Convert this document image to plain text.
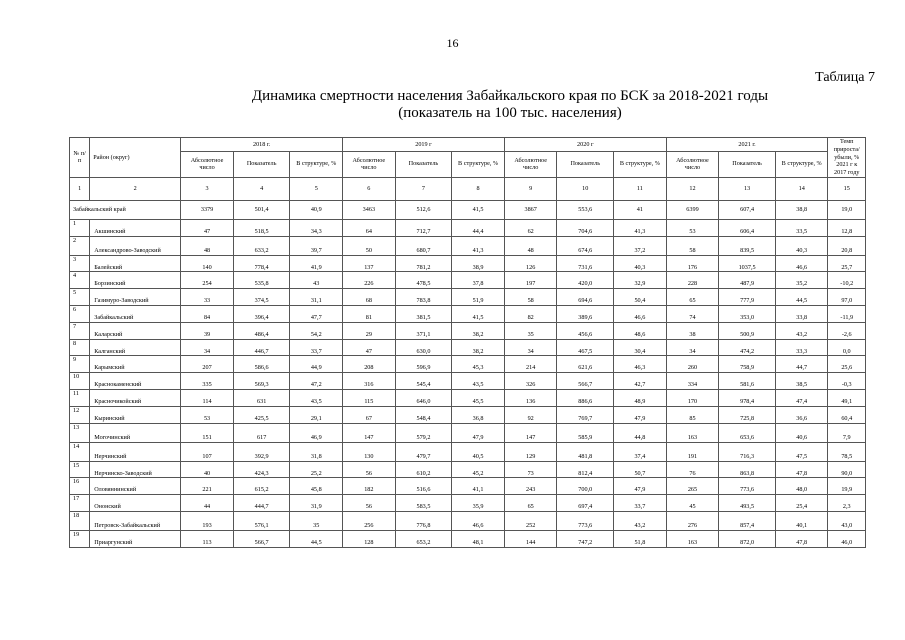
16
Таблица 7
Динамика смертности населения Забайкальского края по БСК за 2018-2021 годы
(показатель на 100 тыс. населения)
№ п/п	Район (округ)	2018 г.			2019 г			2020 г			2021 г.			Темп прироста/ убыли, % 2021 г к 2017 году
		Абсолютное число	Показатель	В структуре, %	Абсолютное число	Показатель	В структуре, %	Абсолютное число	Показатель	В структуре, %	Абсолютное число	Показатель	В структуре, %	
1	2	3	4	5	6	7	8	9	10	11	12	13	14	15
Забайкальский край		3379	501,4	40,9	3463	512,6	41,5	3867	553,6	41	6399	607,4	38,8	19,0
1	Акшинский	47	518,5	34,3	64	712,7	44,4	62	704,6	41,3	53	606,4	33,5	12,8
2	Александрово-Заводский	48	633,2	39,7	50	680,7	41,3	48	674,6	37,2	58	839,5	40,3	20,8
3	Балейский	140	778,4	41,9	137	781,2	38,9	126	731,6	40,3	176	1037,5	46,6	25,7
4	Борзинский	254	535,8	43	226	478,5	37,8	197	420,0	32,9	228	487,9	35,2	-10,2
5	Газимуро-Заводский	33	374,5	31,1	68	783,8	51,9	58	694,6	50,4	65	777,9	44,5	97,0
6	Забайкальский	84	396,4	47,7	81	381,5	41,5	82	389,6	46,6	74	353,0	33,8	-11,9
7	Каларский	39	486,4	54,2	29	371,1	38,2	35	456,6	48,6	38	500,9	43,2	-2,6
8	Калганский	34	446,7	33,7	47	630,0	38,2	34	467,5	30,4	34	474,2	33,3	0,0
9	Карымский	207	586,6	44,9	208	596,9	45,3	214	621,6	46,3	260	758,9	44,7	25,6
10	Краснокаменский	335	569,3	47,2	316	545,4	43,5	326	566,7	42,7	334	581,6	38,5	-0,3
11	Красночикойский	114	631	43,5	115	646,0	45,5	136	886,6	48,9	170	978,4	47,4	49,1
12	Кыринский	53	425,5	29,1	67	548,4	36,8	92	769,7	47,9	85	725,8	36,6	60,4
13	Могочинский	151	617	46,9	147	579,2	47,9	147	585,9	44,8	163	653,6	40,6	7,9
14	Нерчинский	107	392,9	31,8	130	479,7	40,5	129	481,8	37,4	191	716,3	47,5	78,5
15	Нерчинско-Заводский	40	424,3	25,2	56	610,2	45,2	73	812,4	50,7	76	863,8	47,8	90,0
16	Оловяннинский	221	615,2	45,8	182	516,6	41,1	243	700,0	47,9	265	773,6	48,0	19,9
17	Ононский	44	444,7	31,9	56	583,5	35,9	65	697,4	33,7	45	493,5	25,4	2,3
18	Петровск-Забайкальский	193	576,1	35	256	776,8	46,6	252	773,6	43,2	276	857,4	40,1	43,0
19	Приаргунский	113	566,7	44,5	128	653,2	48,1	144	747,2	51,8	163	872,0	47,8	46,0
